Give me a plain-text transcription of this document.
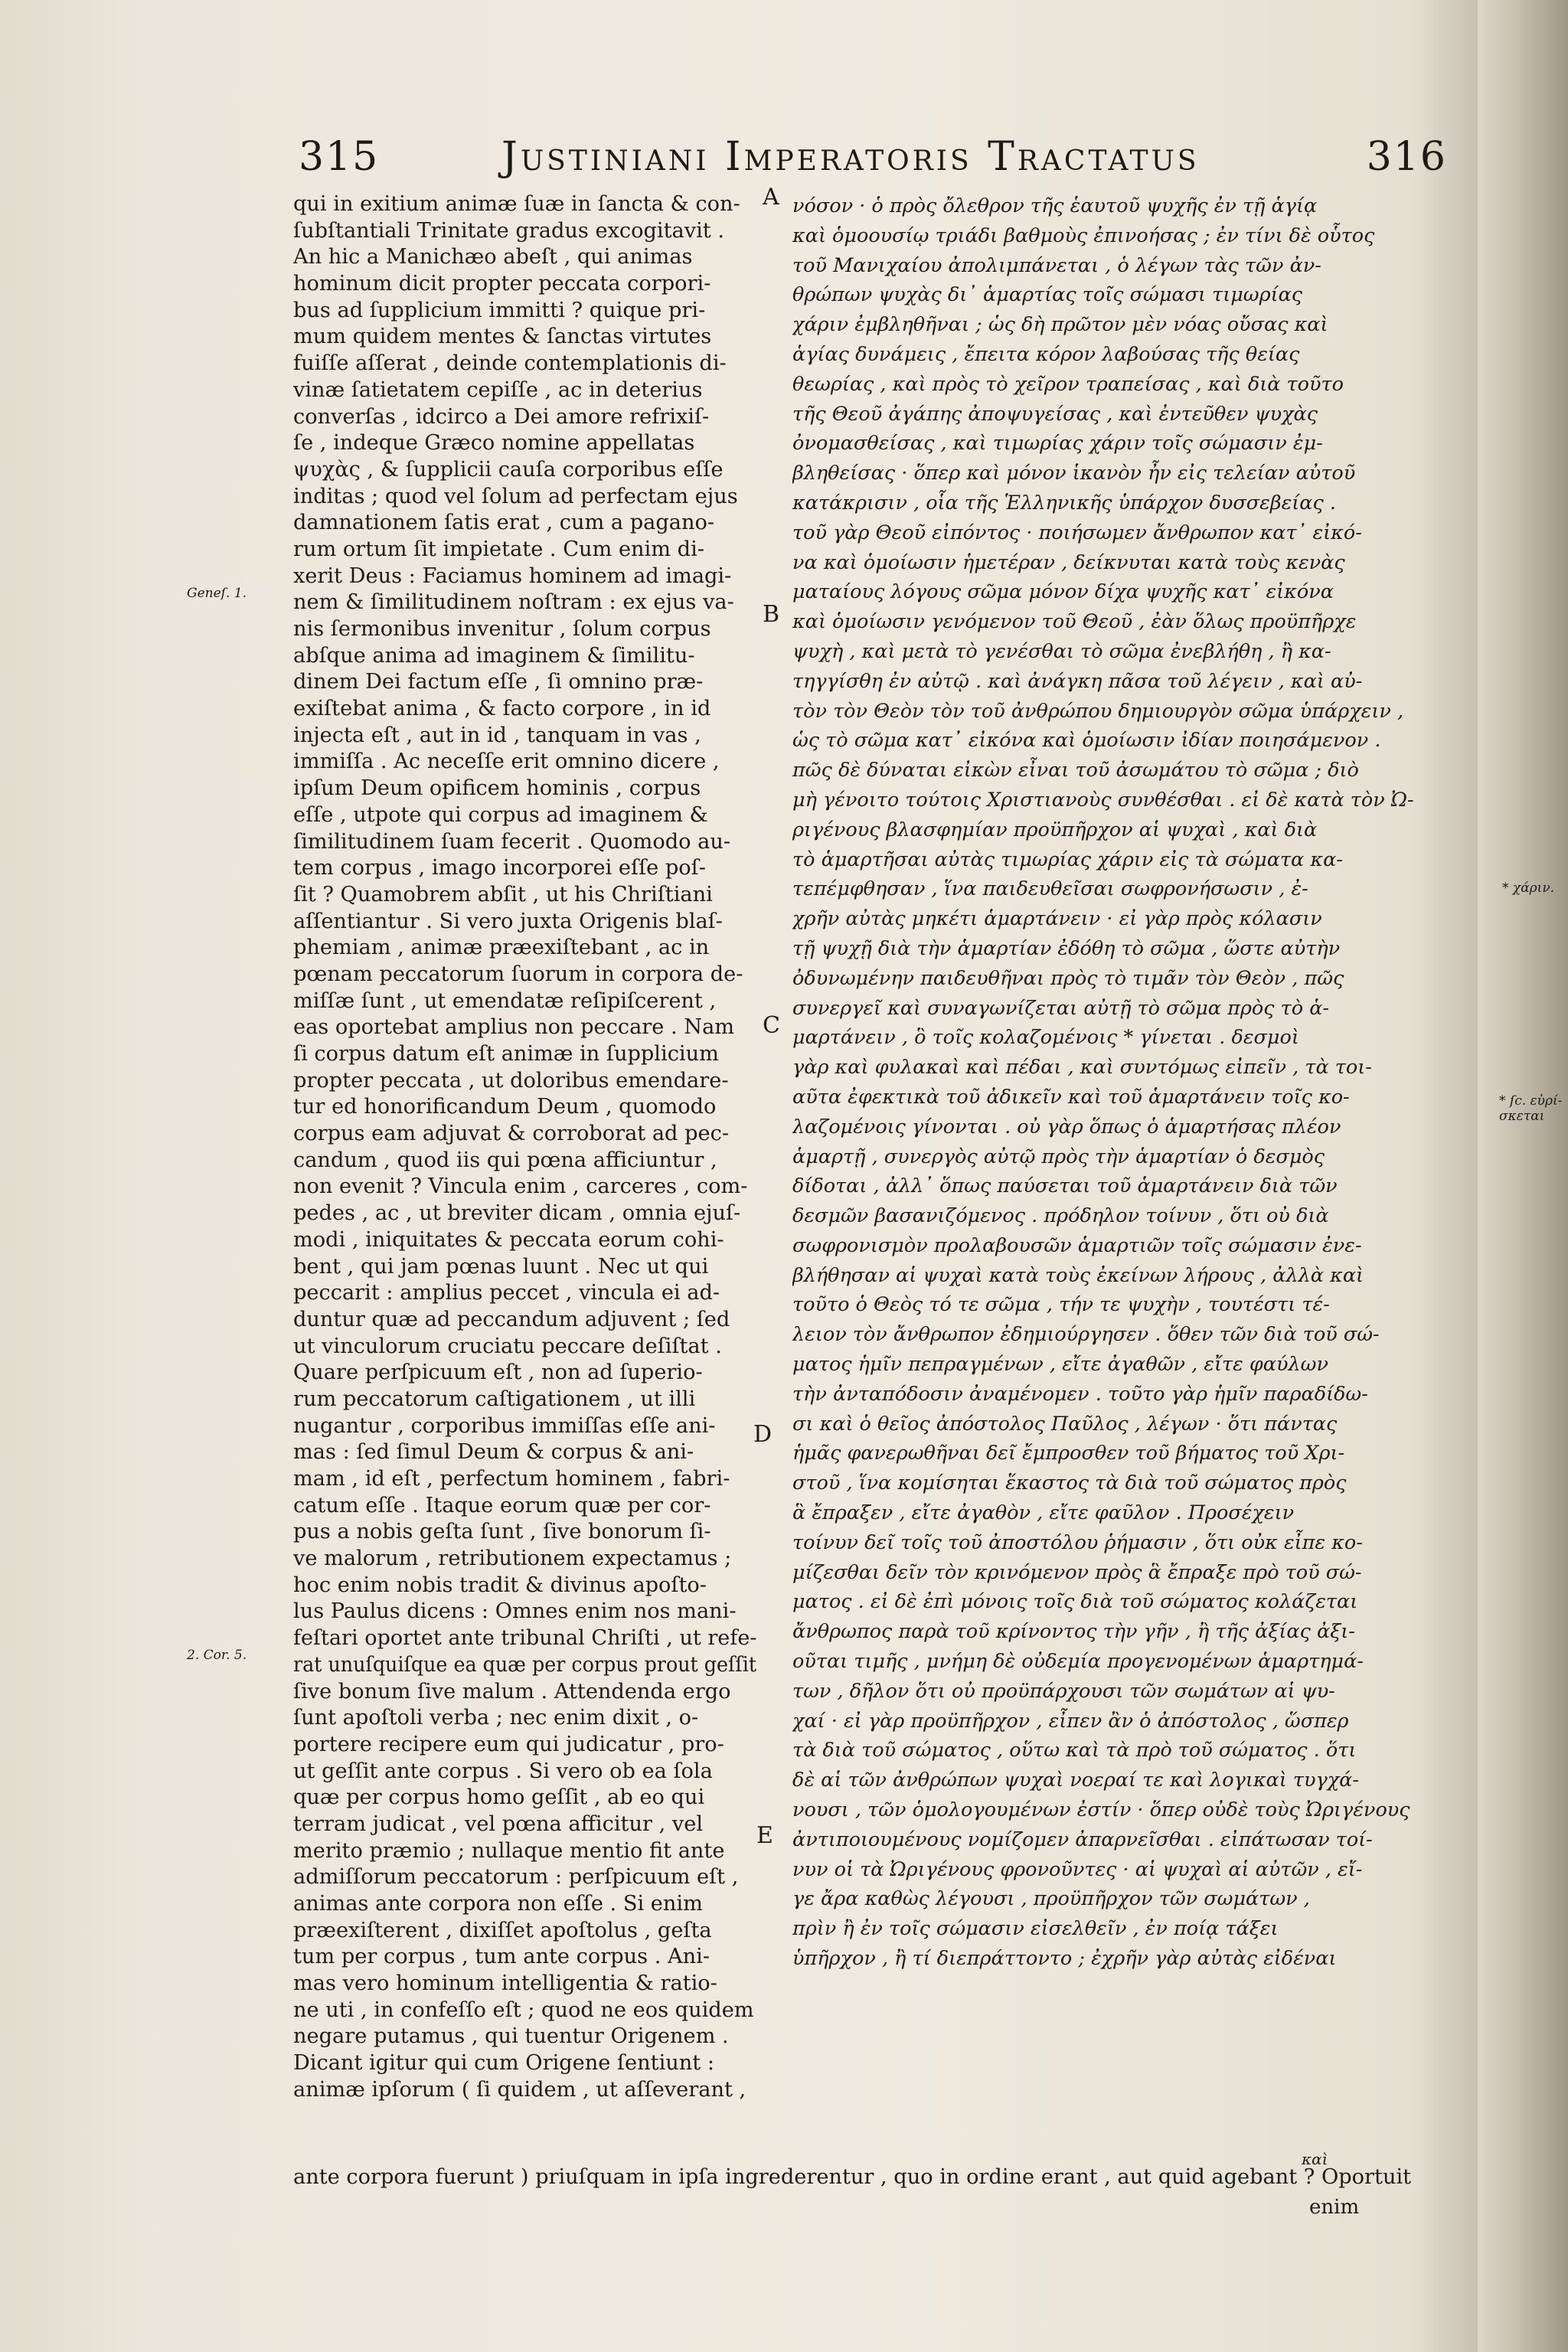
315	Justiniani Imperatoris Tractatus	316
qui in exitium animæ ſuæ in ſancta & con-
ſubſtantiali Trinitate gradus excogitavit .
An hic a Manichæo abeſt , qui animas
hominum dicit propter peccata corpori-
bus ad ſupplicium immitti ? quique pri-
mum quidem mentes & ſanctas virtutes
fuiſſe aſſerat , deinde contemplationis di-
vinæ ſatietatem cepiſſe , ac in deterius
converſas , idcirco a Dei amore refrixiſ-
ſe , indeque Græco nomine appellatas
ψυχὰς , & ſupplicii cauſa corporibus eſſe
inditas ; quod vel ſolum ad perfectam ejus
damnationem ſatis erat , cum a pagano-
rum ortum ſit impietate . Cum enim di-
xerit Deus : Faciamus hominem ad imagi-
nem & ſimilitudinem noſtram : ex ejus va-
nis ſermonibus invenitur , ſolum corpus
abſque anima ad imaginem & ſimilitu-
dinem Dei factum eſſe , ſi omnino præ-
exiſtebat anima , & facto corpore , in id
injecta eſt , aut in id , tanquam in vas ,
immiſſa . Ac neceſſe erit omnino dicere ,
ipſum Deum opificem hominis , corpus
eſſe , utpote qui corpus ad imaginem &
ſimilitudinem ſuam fecerit . Quomodo au-
tem corpus , imago incorporei eſſe poſ-
ſit ? Quamobrem abſit , ut his Chriſtiani
aſſentiantur . Si vero juxta Origenis blaſ-
phemiam , animæ præexiſtebant , ac in
pœnam peccatorum ſuorum in corpora de-
miſſæ ſunt , ut emendatæ reſipiſcerent ,
eas oportebat amplius non peccare . Nam
ſi corpus datum eſt animæ in ſupplicium
propter peccata , ut doloribus emendare-
tur ed honorificandum Deum , quomodo
corpus eam adjuvat & corroborat ad pec-
candum , quod iis qui pœna afficiuntur ,
non evenit ? Vincula enim , carceres , com-
pedes , ac , ut breviter dicam , omnia ejuſ-
modi , iniquitates & peccata eorum cohi-
bent , qui jam pœnas luunt . Nec ut qui
peccarit : amplius peccet , vincula ei ad-
duntur quæ ad peccandum adjuvent ; ſed
ut vinculorum cruciatu peccare deſiſtat .
Quare perſpicuum eſt , non ad ſuperio-
rum peccatorum caſtigationem , ut illi
nugantur , corporibus immiſſas eſſe ani-
mas : ſed ſimul Deum & corpus & ani-
mam , id eſt , perfectum hominem , fabri-
catum eſſe . Itaque eorum quæ per cor-
pus a nobis geſta ſunt , ſive bonorum ſi-
ve malorum , retributionem expectamus ;
hoc enim nobis tradit & divinus apoſto-
lus Paulus dicens : Omnes enim nos mani-
feſtari oportet ante tribunal Chriſti , ut refe-
rat unuſquiſque ea quæ per corpus prout geſſit
ſive bonum ſive malum . Attendenda ergo
ſunt apoſtoli verba ; nec enim dixit , o-
portere recipere eum qui judicatur , pro-
ut geſſit ante corpus . Si vero ob ea ſola
quæ per corpus homo geſſit , ab eo qui
terram judicat , vel pœna afficitur , vel
merito præmio ; nullaque mentio fit ante
admiſſorum peccatorum : perſpicuum eſt ,
animas ante corpora non eſſe . Si enim
præexiſterent , dixiſſet apoſtolus , geſta
tum per corpus , tum ante corpus . Ani-
mas vero hominum intelligentia & ratio-
ne uti , in confeſſo eſt ; quod ne eos quidem
negare putamus , qui tuentur Origenem .
Dicant igitur qui cum Origene ſentiunt :
animæ ipſorum ( ſi quidem , ut aſſeverant ,
νόσον · ὁ πρὸς ὄλεθρον τῆς ἑαυτοῦ ψυχῆς ἐν τῇ ἁγίᾳ
καὶ ὁμοουσίῳ τριάδι βαθμοὺς ἐπινοήσας ; ἐν τίνι δὲ οὗτος
τοῦ Μανιχαίου ἀπολιμπάνεται , ὁ λέγων τὰς τῶν ἀν-
θρώπων ψυχὰς δι᾽ ἁμαρτίας τοῖς σώμασι τιμωρίας
χάριν ἐμβληθῆναι ; ὡς δὴ πρῶτον μὲν νόας οὔσας καὶ
ἁγίας δυνάμεις , ἔπειτα κόρον λαβούσας τῆς θείας
θεωρίας , καὶ πρὸς τὸ χεῖρον τραπείσας , καὶ διὰ τοῦτο
τῆς Θεοῦ ἀγάπης ἀποψυγείσας , καὶ ἐντεῦθεν ψυχὰς
ὀνομασθείσας , καὶ τιμωρίας χάριν τοῖς σώμασιν ἐμ-
βληθείσας · ὅπερ καὶ μόνον ἱκανὸν ἦν εἰς τελείαν αὐτοῦ
κατάκρισιν , οἷα τῆς Ἑλληνικῆς ὑπάρχον δυσσεβείας .
τοῦ γὰρ Θεοῦ εἰπόντος · ποιήσωμεν ἄνθρωπον κατ᾽ εἰκό-
να καὶ ὁμοίωσιν ἡμετέραν , δείκνυται κατὰ τοὺς κενὰς
ματαίους λόγους σῶμα μόνον δίχα ψυχῆς κατ᾽ εἰκόνα
καὶ ὁμοίωσιν γενόμενον τοῦ Θεοῦ , ἐὰν ὅλως προϋπῆρχε
ψυχὴ , καὶ μετὰ τὸ γενέσθαι τὸ σῶμα ἐνεβλήθη , ἢ κα-
τηγγίσθη ἐν αὐτῷ . καὶ ἀνάγκη πᾶσα τοῦ λέγειν , καὶ αὐ-
τὸν τὸν Θεὸν τὸν τοῦ ἀνθρώπου δημιουργὸν σῶμα ὑπάρχειν ,
ὡς τὸ σῶμα κατ᾽ εἰκόνα καὶ ὁμοίωσιν ἰδίαν ποιησάμενον .
πῶς δὲ δύναται εἰκὼν εἶναι τοῦ ἀσωμάτου τὸ σῶμα ; διὸ
μὴ γένοιτο τούτοις Χριστιανοὺς συνθέσθαι . εἰ δὲ κατὰ τὸν Ὠ-
ριγένους βλασφημίαν προϋπῆρχον αἱ ψυχαὶ , καὶ διὰ
τὸ ἁμαρτῆσαι αὐτὰς τιμωρίας χάριν εἰς τὰ σώματα κα-
τεπέμφθησαν , ἵνα παιδευθεῖσαι σωφρονήσωσιν , ἐ-
χρῆν αὐτὰς μηκέτι ἁμαρτάνειν · εἰ γὰρ πρὸς κόλασιν
τῇ ψυχῇ διὰ τὴν ἁμαρτίαν ἐδόθη τὸ σῶμα , ὥστε αὐτὴν
ὀδυνωμένην παιδευθῆναι πρὸς τὸ τιμᾶν τὸν Θεὸν , πῶς
συνεργεῖ καὶ συναγωνίζεται αὐτῇ τὸ σῶμα πρὸς τὸ ἁ-
μαρτάνειν , ὃ τοῖς κολαζομένοις * γίνεται . δεσμοὶ
γὰρ καὶ φυλακαὶ καὶ πέδαι , καὶ συντόμως εἰπεῖν , τὰ τοι-
αῦτα ἐφεκτικὰ τοῦ ἀδικεῖν καὶ τοῦ ἁμαρτάνειν τοῖς κο-
λαζομένοις γίνονται . οὐ γὰρ ὅπως ὁ ἁμαρτήσας πλέον
ἁμαρτῇ , συνεργὸς αὐτῷ πρὸς τὴν ἁμαρτίαν ὁ δεσμὸς
δίδοται , ἀλλ᾽ ὅπως παύσεται τοῦ ἁμαρτάνειν διὰ τῶν
δεσμῶν βασανιζόμενος . πρόδηλον τοίνυν , ὅτι οὐ διὰ
σωφρονισμὸν προλαβουσῶν ἁμαρτιῶν τοῖς σώμασιν ἐνε-
βλήθησαν αἱ ψυχαὶ κατὰ τοὺς ἐκείνων λήρους , ἀλλὰ καὶ
τοῦτο ὁ Θεὸς τό τε σῶμα , τήν τε ψυχὴν , τουτέστι τέ-
λειον τὸν ἄνθρωπον ἐδημιούργησεν . ὅθεν τῶν διὰ τοῦ σώ-
ματος ἡμῖν πεπραγμένων , εἴτε ἀγαθῶν , εἴτε φαύλων
τὴν ἀνταπόδοσιν ἀναμένομεν . τοῦτο γὰρ ἡμῖν παραδίδω-
σι καὶ ὁ θεῖος ἀπόστολος Παῦλος , λέγων · ὅτι πάντας
ἡμᾶς φανερωθῆναι δεῖ ἔμπροσθεν τοῦ βήματος τοῦ Χρι-
στοῦ , ἵνα κομίσηται ἕκαστος τὰ διὰ τοῦ σώματος πρὸς
ἃ ἔπραξεν , εἴτε ἀγαθὸν , εἴτε φαῦλον . Προσέχειν
τοίνυν δεῖ τοῖς τοῦ ἀποστόλου ῥήμασιν , ὅτι οὐκ εἶπε κο-
μίζεσθαι δεῖν τὸν κρινόμενον πρὸς ἃ ἔπραξε πρὸ τοῦ σώ-
ματος . εἰ δὲ ἐπὶ μόνοις τοῖς διὰ τοῦ σώματος κολάζεται
ἄνθρωπος παρὰ τοῦ κρίνοντος τὴν γῆν , ἢ τῆς ἀξίας ἀξι-
οῦται τιμῆς , μνήμη δὲ οὐδεμία προγενομένων ἁμαρτημά-
των , δῆλον ὅτι οὐ προϋπάρχουσι τῶν σωμάτων αἱ ψυ-
χαί · εἰ γὰρ προϋπῆρχον , εἶπεν ἂν ὁ ἀπόστολος , ὥσπερ
τὰ διὰ τοῦ σώματος , οὕτω καὶ τὰ πρὸ τοῦ σώματος . ὅτι
δὲ αἱ τῶν ἀνθρώπων ψυχαὶ νοεραί τε καὶ λογικαὶ τυγχά-
νουσι , τῶν ὁμολογουμένων ἐστίν · ὅπερ οὐδὲ τοὺς Ὠριγένους
ἀντιποιουμένους νομίζομεν ἀπαρνεῖσθαι . εἰπάτωσαν τοί-
νυν οἱ τὰ Ὠριγένους φρονοῦντες · αἱ ψυχαὶ αἱ αὐτῶν , εἴ-
γε ἄρα καθὼς λέγουσι , προϋπῆρχον τῶν σωμάτων ,
πρὶν ἢ ἐν τοῖς σώμασιν εἰσελθεῖν , ἐν ποίᾳ τάξει
ὑπῆρχον , ἢ τί διεπράττοντο ; ἐχρῆν γὰρ αὐτὰς εἰδέναι
A
B
C
D
E
Geneſ. 1.
2. Cor. 5.
* χάριν.
* ſc. εὑρί-
σκεται
ante corpora fuerunt ) priuſquam in ipſa ingrederentur , quo in ordine erant , aut quid agebant ? Oportuit
καὶ
enim
